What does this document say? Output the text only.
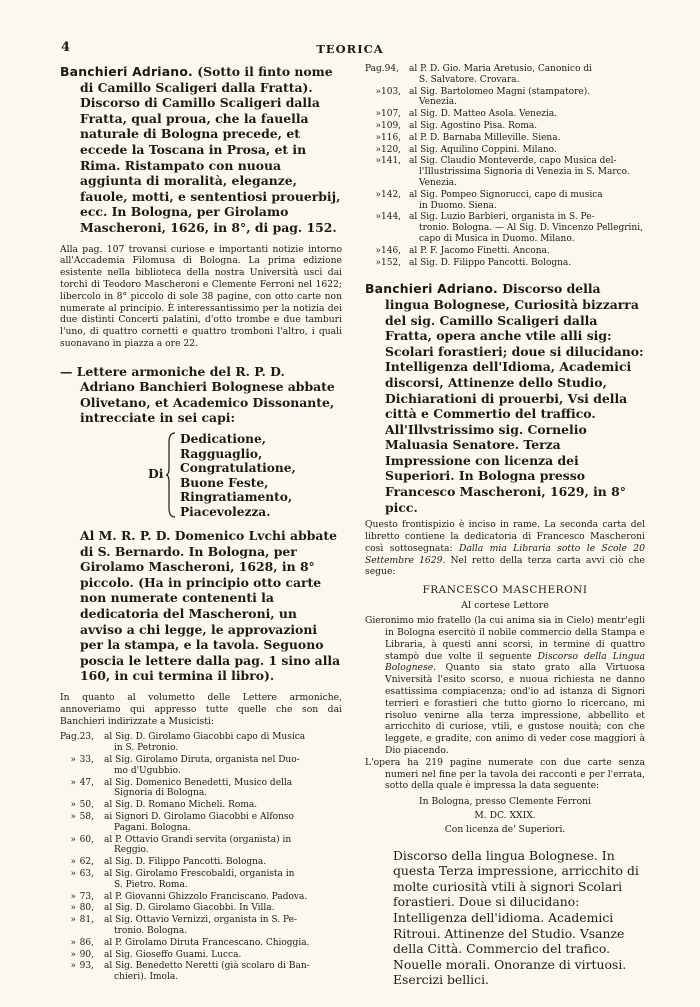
4	TEORICA

Banchieri Adriano. (Sotto il finto nome di Camillo Scaligeri dalla Fratta). Discorso di Camillo Scaligeri dalla Fratta, qual proua, che la fauella naturale di Bologna precede, et eccede la Toscana in Prosa, et in Rima. Ristampato con nuoua aggiunta di moralità, eleganze, fauole, motti, e sententiosi prouerbij, ecc. In Bologna, per Girolamo Mascheroni, 1626, in 8°, di pag. 152.

Alla pag. 107 trovansi curiose e importanti notizie intorno all'Accademia Filomusa di Bologna. La prima edizione esistente nella biblioteca della nostra Università uscì dai torchi di Teodoro Mascheroni e Clemente Ferroni nel 1622; libercolo in 8° piccolo di sole 38 pagine, con otto carte non numerate al principio. È interessantissimo per la notizia dei due distinti Concerti palatini, d'otto trombe e due tamburi l'uno, di quattro cornetti e quattro tromboni l'altro, i quali suonavano in piazza a ore 22.

— Lettere armoniche del R. P. D. Adriano Banchieri Bolognese abbate Olivetano, et Academico Dissonante, intrecciate in sei capi:

Di
Dedicatione,
Ragguaglio,
Congratulatione,
Buone Feste,
Ringratiamento,
Piacevolezza.

Al M. R. P. D. Domenico Lvchi abbate di S. Bernardo. In Bologna, per Girolamo Mascheroni, 1628, in 8° piccolo. (Ha in principio otto carte non numerate contenenti la dedicatoria del Mascheroni, un avviso a chi legge, le approvazioni per la stampa, e la tavola. Seguono poscia le lettere dalla pag. 1 sino alla 160, in cui termina il libro).

In quanto al volumetto delle Lettere armoniche, annoveriamo qui appresso tutte quelle che son dai Banchieri indirizzate a Musicisti:

Pag.23,	al Sig. D. Girolamo Giacobbi capo di Musica
in S. Petronio.
» 33,	al Sig. Girolamo Diruta, organista nel Duo-
mo d'Ugubbio.
» 47,	al Sig. Domenico Benedetti, Musico della
Signoria di Bologna.
» 50,	al Sig. D. Romano Micheli. Roma.
» 58,	ai Signori D. Girolamo Giacobbi e Alfonso
Pagani. Bologna.
» 60,	al P. Ottavio Grandi servita (organista) in
Reggio.
» 62,	al Sig. D. Filippo Pancotti. Bologna.
» 63,	al Sig. Girolamo Frescobaldi, organista in
S. Pietro. Roma.
» 73,	al P. Giovanni Ghizzolo Franciscano. Padova.
» 80,	al Sig. D. Girolamo Giacobbi. In Villa.
» 81,	al Sig. Ottavio Vernizzi, organista in S. Pe-
tronio. Bologna.
» 86,	al P. Girolamo Diruta Francescano. Chioggia.
» 90,	al Sig. Gioseffo Guami. Lucca.
» 93,	al Sig. Benedetto Neretti (già scolaro di Ban-
chieri). Imola.
Pag.94,	al P. D. Gio. Maria Aretusio, Canonico di
S. Salvatore. Crovara.
»103, al Sig. Bartolomeo Magni (stampatore).
Venezia.
»107, al Sig. D. Matteo Asola. Venezia.
»109, al Sig. Agostino Pisa. Roma.
»116, al P. D. Barnaba Milleville. Siena.
»120, al Sig. Aquilino Coppini. Milano.
»141, al Sig. Claudio Monteverde, capo Musica del-
l'Illustrissima Signoria di Venezia in S. Marco. Venezia.
»142, al Sig. Pompeo Signorucci, capo di musica
in Duomo. Siena.
»144, al Sig. Luzio Barbieri, organista in S. Pe-
tronio. Bologna. — Al Sig. D. Vincenzo Pellegrini, capo di Musica in Duomo. Milano.
»146, al P. F. Jacomo Finetti. Ancona.
»152, al Sig. D. Filippo Pancotti. Bologna.

Banchieri Adriano. Discorso della lingua Bolognese, Curiosità bizzarra del sig. Camillo Scaligeri dalla Fratta, opera anche vtile alli sig: Scolari forastieri; doue si dilucidano: Intelligenza dell'Idioma, Academici discorsi, Attinenze dello Studio, Dichiarationi di prouerbi, Vsi della città e Commertio del traffico. All'Illvstrissimo sig. Cornelio Maluasia Senatore. Terza Impressione con licenza dei Superiori. In Bologna presso Francesco Mascheroni, 1629, in 8° picc.

Questo frontispizio è inciso in rame. La seconda carta del libretto contiene la dedicatoria di Francesco Mascheroni così sottosegnata: Dalla mia Libraria sotto le Scole 20 Settembre 1629. Nel retto della terza carta avvi ciò che segue:

FRANCESCO MASCHERONI
Al cortese Lettore

Gieronimo mio fratello (la cui anima sia in Cielo) mentr'egli in Bologna esercitò il nobile commercio della Stampa e Libraria, à questi anni scorsi, in termine di quattro stampò due volte il seguente Discorso della Lingua Bolognese. Quanto sia stato grato alla Virtuosa Vniversità l'esito scorso, e nuoua richiesta ne danno esattissima compiacenza; ond'io ad istanza di Signori terrieri e forastieri che tutto giorno lo ricercano, mi risoluo venirne alla terza impressione, abbellito et arricchito di curiose, vtili, e gustose nouità; con che leggete, e gradite, con animo di veder cose maggiori à Dio piacendo.

L'opera ha 219 pagine numerate con due carte senza numeri nel fine per la tavola dei racconti e per l'errata, sotto della quale è impressa la data seguente:

In Bologna, presso Clemente Ferroni
M. DC. XXIX.
Con licenza de' Superiori.

Discorso della lingua Bolognese. In questa Terza impressione, arricchito di molte curiosità vtili à signori Scolari forastieri. Doue si dilucidano: Intelligenza dell'idioma. Academici Ritroui. Attinenze del Studio. Vsanze della Città. Commercio del trafico. Nouelle morali. Onoranze di virtuosi. Esercizi bellici.
